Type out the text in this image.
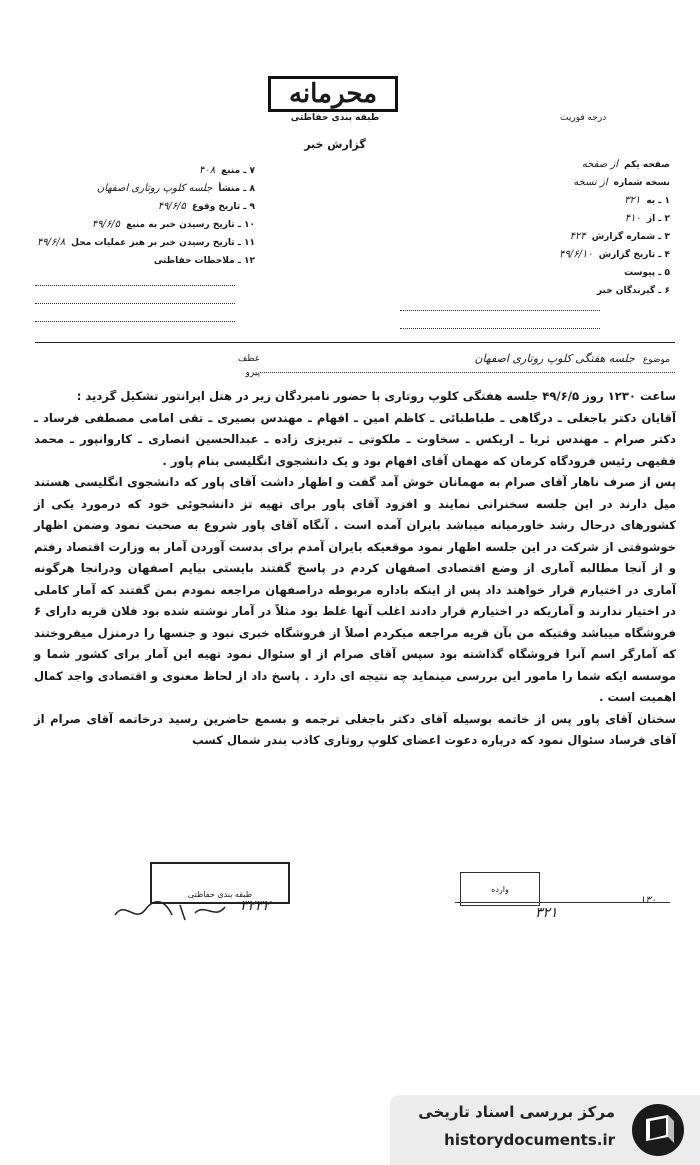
محرمانه
طبقه بندی حفاظتی	درجه فوریت
گزارش خبر
صفحه یکم
از صفحه
نسخه شماره
از نسخه
۱ ـ به
۳۲۱
۲ ـ از
۴۱۰
۳ ـ شماره گزارش
۴۲۴
۴ ـ تاریخ گزارش
۴۹/۶/۱۰
۵ ـ پیوست
۶ ـ گیرندگان خبر
۷ ـ منبع
۴۰۸
۸ ـ منشأ
جلسه کلوپ روتاری اصفهان
۹ ـ تاریخ وقوع
۴۹/۶/۵
۱۰ ـ تاریخ رسیدن خبر به منبع
۴۹/۶/۵
۱۱ ـ تاریخ رسیدن خبر بر هبر عملیات محل
۴۹/۶/۸
۱۲ ـ ملاحظات حفاظتی
موضوع
جلسه هفتگی کلوپ روتاری اصفهان
عطف
پیرو

ساعت ۱۲۳۰ روز ۴۹/۶/۵ جلسه هفتگی کلوپ روتاری با حضور نامبردگان زیر در هتل ایرانتور تشکیل گردید :

آقایان دکتر باجغلی ـ درگاهی ـ طباطبائی ـ کاظم امین ـ افهام ـ مهندس بصیری ـ تقی امامی مصطفی فرساد ـ دکتر صرام ـ مهندس ثریا ـ اریکس ـ سخاوت ـ ملکوتی ـ تبریزی زاده ـ عبدالحسین انصاری ـ کاروانپور ـ محمد فقیهی رئیس فرودگاه کرمان که مهمان آقای افهام بود و یک دانشجوی انگلیسی بنام پاور .

پس از صرف ناهار آقای صرام به مهمانان خوش آمد گفت و اظهار داشت آقای پاور که دانشجوی انگلیسی هستند میل دارند در این جلسه سخنرانی نمایند و افزود آقای پاور برای تهیه تز دانشجوئی خود که درمورد یکی از کشورهای درحال رشد خاورمیانه میباشد بایران آمده است . آنگاه آقای پاور شروع به صحبت نمود وضمن اظهار خوشوقتی از شرکت در این جلسه اظهار نمود موقعیکه بایران آمدم برای بدست آوردن آمار به وزارت اقتصاد رفتم و از آنجا مطالبه آماری از وضع اقتصادی اصفهان کردم در پاسخ گفتند بایستی بیایم اصفهان ودرانجا هرگونه آماری در اختیارم قرار خواهند داد پس از اینکه باداره مربوطه دراصفهان مراجعه نمودم بمن گفتند که آمار کاملی در اختیار ندارند و آماریکه در اختیارم قرار دادند اغلب آنها غلط بود مثلاً در آمار نوشته شده بود فلان قریه دارای ۶ فروشگاه میباشد وقتیکه من بآن قریه مراجعه میکردم اصلاً از فروشگاه خبری نبود و جنسها را درمنزل میفروختند که آمارگر اسم آنرا فروشگاه گذاشته بود سپس آقای صرام از او سئوال نمود تهیه این آمار برای کشور شما و موسسه ایکه شما را مامور این بررسی مینماید چه نتیجه ای دارد . پاسخ داد از لحاظ معنوی و اقتصادی واجد کمال اهمیت است .

سخنان آقای پاور پس از خاتمه بوسیله آقای دکتر باجغلی ترجمه و بسمع حاضرین رسید درخاتمه آقای صرام از آقای فرساد سئوال نمود که درباره دعوت اعضای کلوپ روتاری کاذب بندر شمال کسب

طبقه بندی حفاظتی
وارده
۳۲۳۲	۳۲۱
۱۳۰
مرکز بررسی اسناد تاریخی
historydocuments.ir
